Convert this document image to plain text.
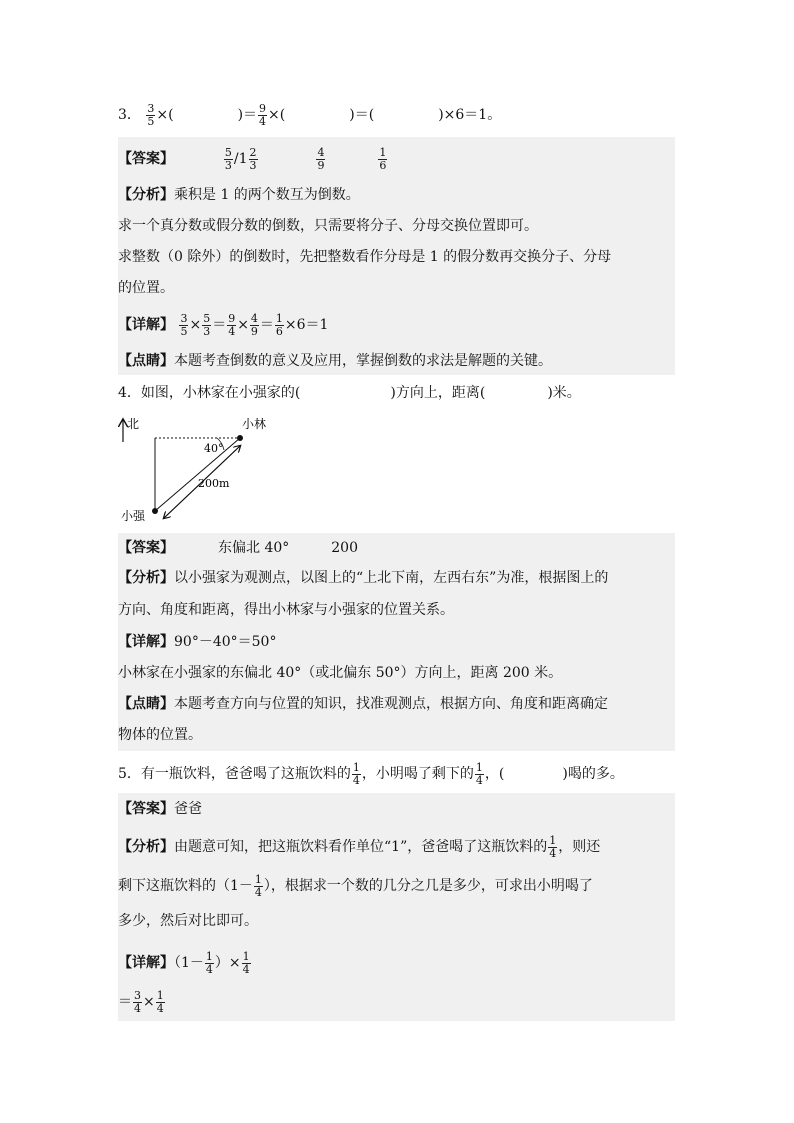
3． $\frac{3}{5}$ ×(	)＝ $\frac{9}{4}$ ×(	)＝(	)×6＝1。
【答案】	$\frac{5}{3} /1 \frac{2}{3}$
	$\frac{4}{9}$
	$\frac{1}{6}$
【分析】乘积是 1 的两个数互为倒数。
求一个真分数或假分数的倒数，只需要将分子、分母交换位置即可。
求整数（0 除外）的倒数时，先把整数看作分母是 1 的假分数再交换分子、分母
的位置。
【详解】 $\frac{3}{5} \times \frac{5}{3} = \frac{9}{4} \times \frac{4}{9} = \frac{1}{6} \times 6=1$
【点睛】本题考查倒数的意义及应用，掌握倒数的求法是解题的关键。
4．如图，小林家在小强家的(	)方向上，距离(	)米。
北
40°
200m
小林
小强
【答案】	东偏北 40°	200
【分析】以小强家为观测点，以图上的“上北下南，左西右东”为准，根据图上的
方向、角度和距离，得出小林家与小强家的位置关系。
【详解】90°－40°＝50°
小林家在小强家的东偏北 40°（或北偏东 50°）方向上，距离 200 米。
【点睛】本题考查方向与位置的知识，找准观测点，根据方向、角度和距离确定
物体的位置。
5．有一瓶饮料，爸爸喝了这瓶饮料的 $\frac{1}{4}$ ，小明喝了剩下的 $\frac{1}{4}$ ，(	)喝的多。
【答案】爸爸
【分析】由题意可知，把这瓶饮料看作单位“1”，爸爸喝了这瓶饮料的 $\frac{1}{4}$ ，则还
剩下这瓶饮料的（$1- \frac{1}{4}$ ），根据求一个数的几分之几是多少，可求出小明喝了
多少，然后对比即可。
【详解】（$1- \frac{1}{4}$ ）× $\frac{1}{4}$
＝ $\frac{3}{4} \times \frac{1}{4}$
